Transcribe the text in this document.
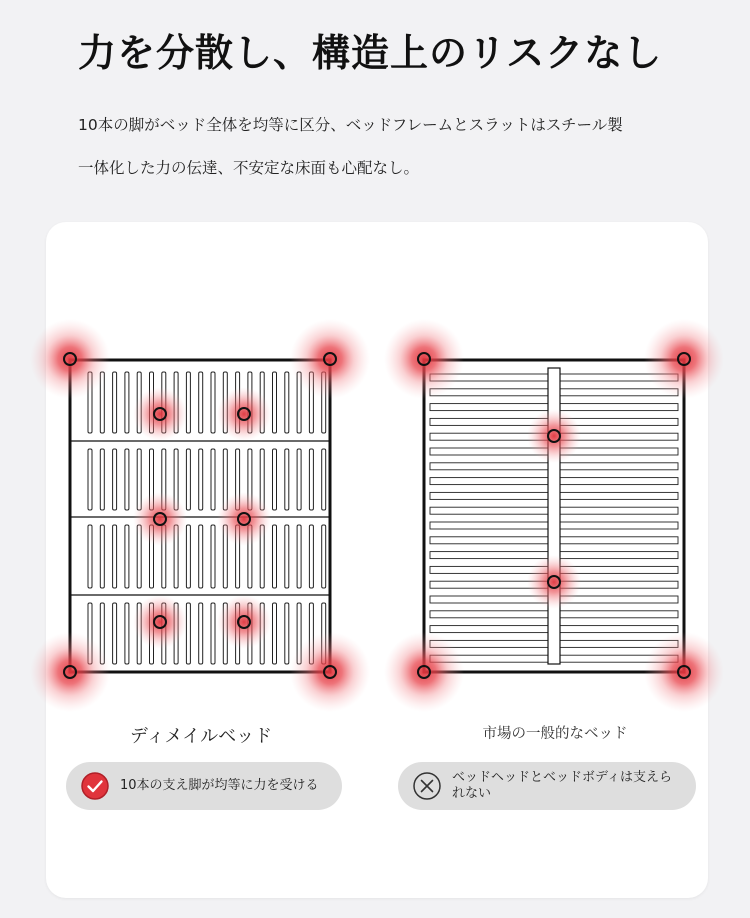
力を分散し、構造上のリスクなし
10本の脚がベッド全体を均等に区分、ベッドフレームとスラットはスチール製
一体化した力の伝達、不安定な床面も心配なし。
ディメイルベッド	市場の一般的なベッド
10本の支え脚が均等に力を受ける
ベッドヘッドとベッドボディは支えられない
